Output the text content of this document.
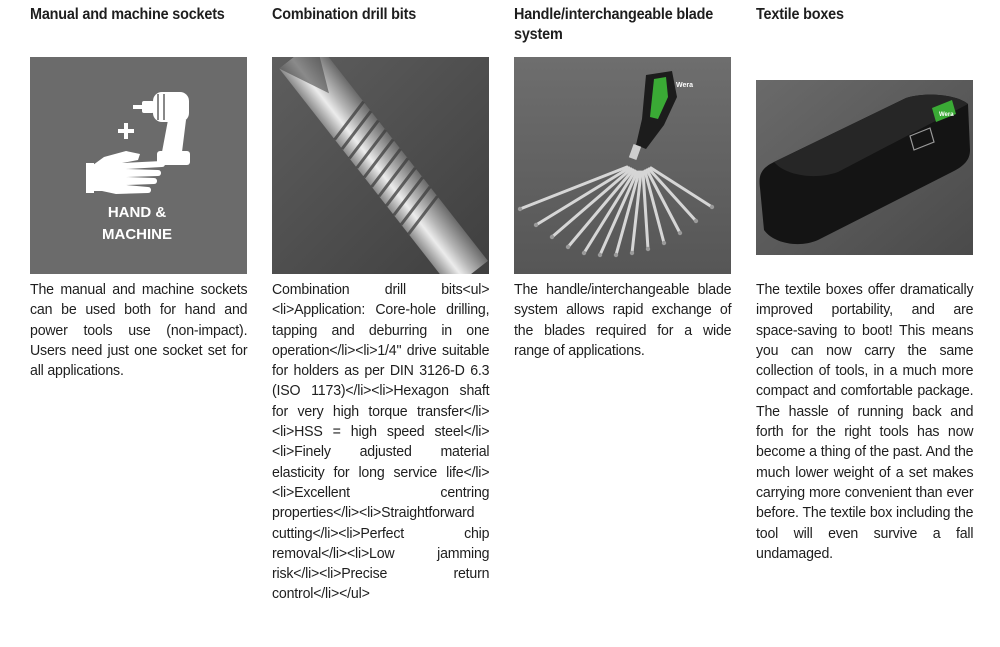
Manual and machine sockets
HAND &
MACHINE
The manual and machine sockets can be used both for hand and power tools use (non-impact). Users need just one socket set for all applications.
Combination drill bits
Combination drill bits<ul><li>Application: Core-hole drilling, tapping and deburring in one operation</li><li>1/4" drive suitable for holders as per DIN 3126-D 6.3 (ISO 1173)</li><li>Hexagon shaft for very high torque transfer</li><li>HSS = high speed steel</li><li>Finely adjusted material elasticity for long service life</li><li>Excellent centring properties</li><li>Straightforward cutting</li><li>Perfect chip removal</li><li>Low jamming risk</li><li>Precise return control</li></ul>
Handle/interchangeable blade system
Wera
The handle/interchangeable blade system allows rapid exchange of the blades required for a wide range of applications.
Textile boxes
Wera
The textile boxes offer dramatically improved portability, and are space-saving to boot! This means you can now carry the same collection of tools, in a much more compact and comfortable package. The hassle of running back and forth for the right tools has now become a thing of the past. And the much lower weight of a set makes carrying more convenient than ever before. The textile box including the tool will even survive a fall undamaged.
